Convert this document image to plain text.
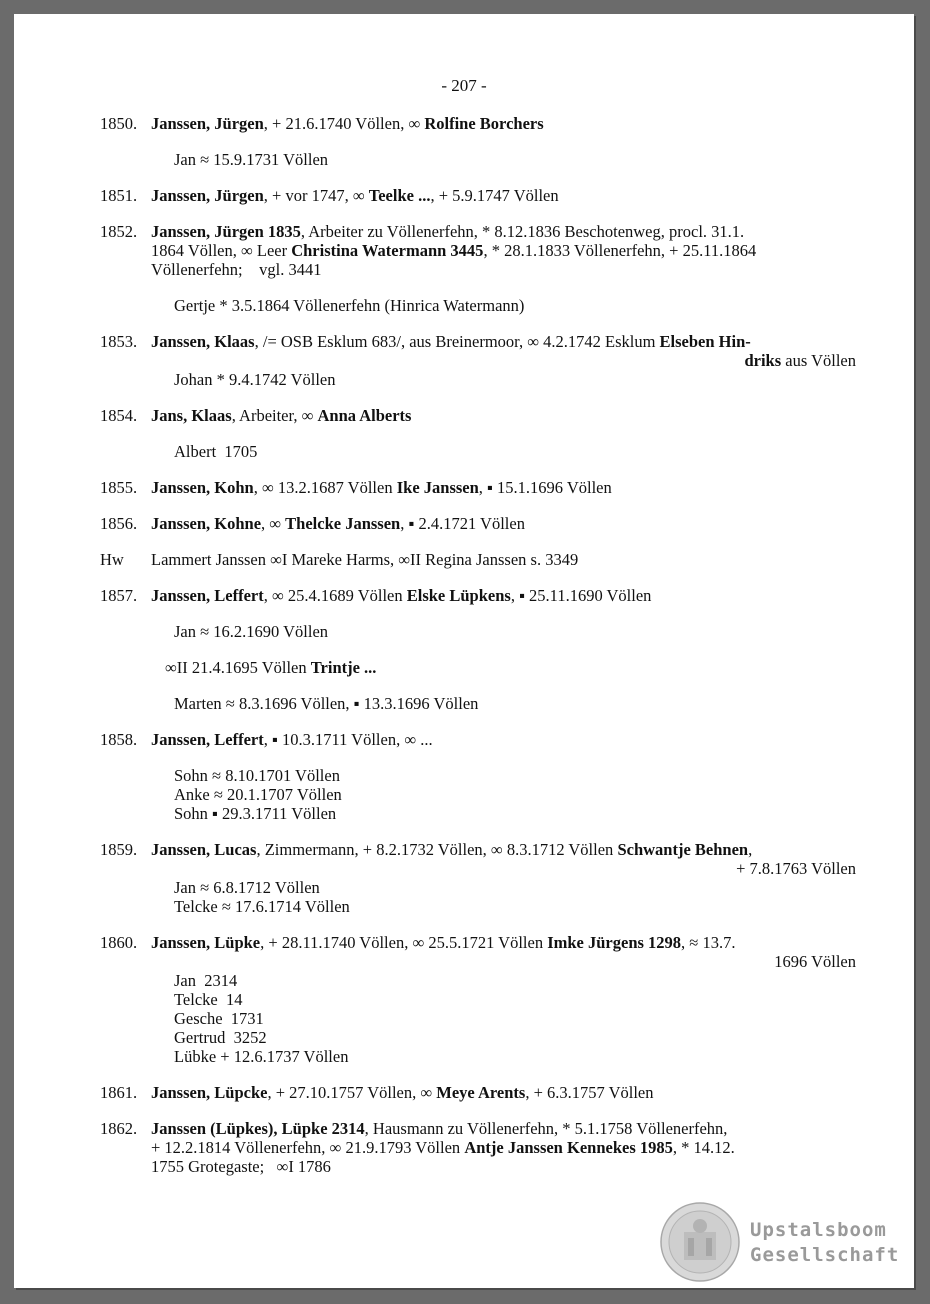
- 207 -
1850. Janssen, Jürgen, + 21.6.1740 Völlen, ∞ Rolfine Borchers
Jan ≈ 15.9.1731 Völlen
1851. Janssen, Jürgen, + vor 1747, ∞ Teelke ..., + 5.9.1747 Völlen
1852. Janssen, Jürgen 1835, Arbeiter zu Völlenerfehn, * 8.12.1836 Beschotenweg, procl. 31.1.
1864 Völlen, ∞ Leer Christina Watermann 3445, * 28.1.1833 Völlenerfehn, + 25.11.1864
Völlenerfehn;    vgl. 3441
Gertje * 3.5.1864 Völlenerfehn (Hinrica Watermann)
1853. Janssen, Klaas, /= OSB Esklum 683/, aus Breinermoor, ∞ 4.2.1742 Esklum Elseben Hin-
driks aus Völlen
Johan * 9.4.1742 Völlen
1854. Jans, Klaas, Arbeiter, ∞ Anna Alberts
Albert  1705
1855. Janssen, Kohn, ∞ 13.2.1687 Völlen Ike Janssen, ▪ 15.1.1696 Völlen
1856. Janssen, Kohne, ∞ Thelcke Janssen, ▪ 2.4.1721 Völlen
Hw	Lammert Janssen ∞I Mareke Harms, ∞II Regina Janssen s. 3349
1857. Janssen, Leffert, ∞ 25.4.1689 Völlen Elske Lüpkens, ▪ 25.11.1690 Völlen
Jan ≈ 16.2.1690 Völlen
∞II 21.4.1695 Völlen Trintje ...
Marten ≈ 8.3.1696 Völlen, ▪ 13.3.1696 Völlen
1858. Janssen, Leffert, ▪ 10.3.1711 Völlen, ∞ ...
Sohn ≈ 8.10.1701 Völlen
Anke ≈ 20.1.1707 Völlen
Sohn ▪ 29.3.1711 Völlen
1859. Janssen, Lucas, Zimmermann, + 8.2.1732 Völlen, ∞ 8.3.1712 Völlen Schwantje Behnen,
+ 7.8.1763 Völlen
Jan ≈ 6.8.1712 Völlen
Telcke ≈ 17.6.1714 Völlen
1860. Janssen, Lüpke, + 28.11.1740 Völlen, ∞ 25.5.1721 Völlen Imke Jürgens 1298, ≈ 13.7.
1696 Völlen
Jan  2314
Telcke  14
Gesche  1731
Gertrud  3252
Lübke + 12.6.1737 Völlen
1861. Janssen, Lüpcke, + 27.10.1757 Völlen, ∞ Meye Arents, + 6.3.1757 Völlen
1862. Janssen (Lüpkes), Lüpke 2314, Hausmann zu Völlenerfehn, * 5.1.1758 Völlenerfehn,
+ 12.2.1814 Völlenerfehn, ∞ 21.9.1793 Völlen Antje Janssen Kennekes 1985, * 14.12.
1755 Grotegaste;   ∞I 1786
Upstalsboom
Gesellschaft
